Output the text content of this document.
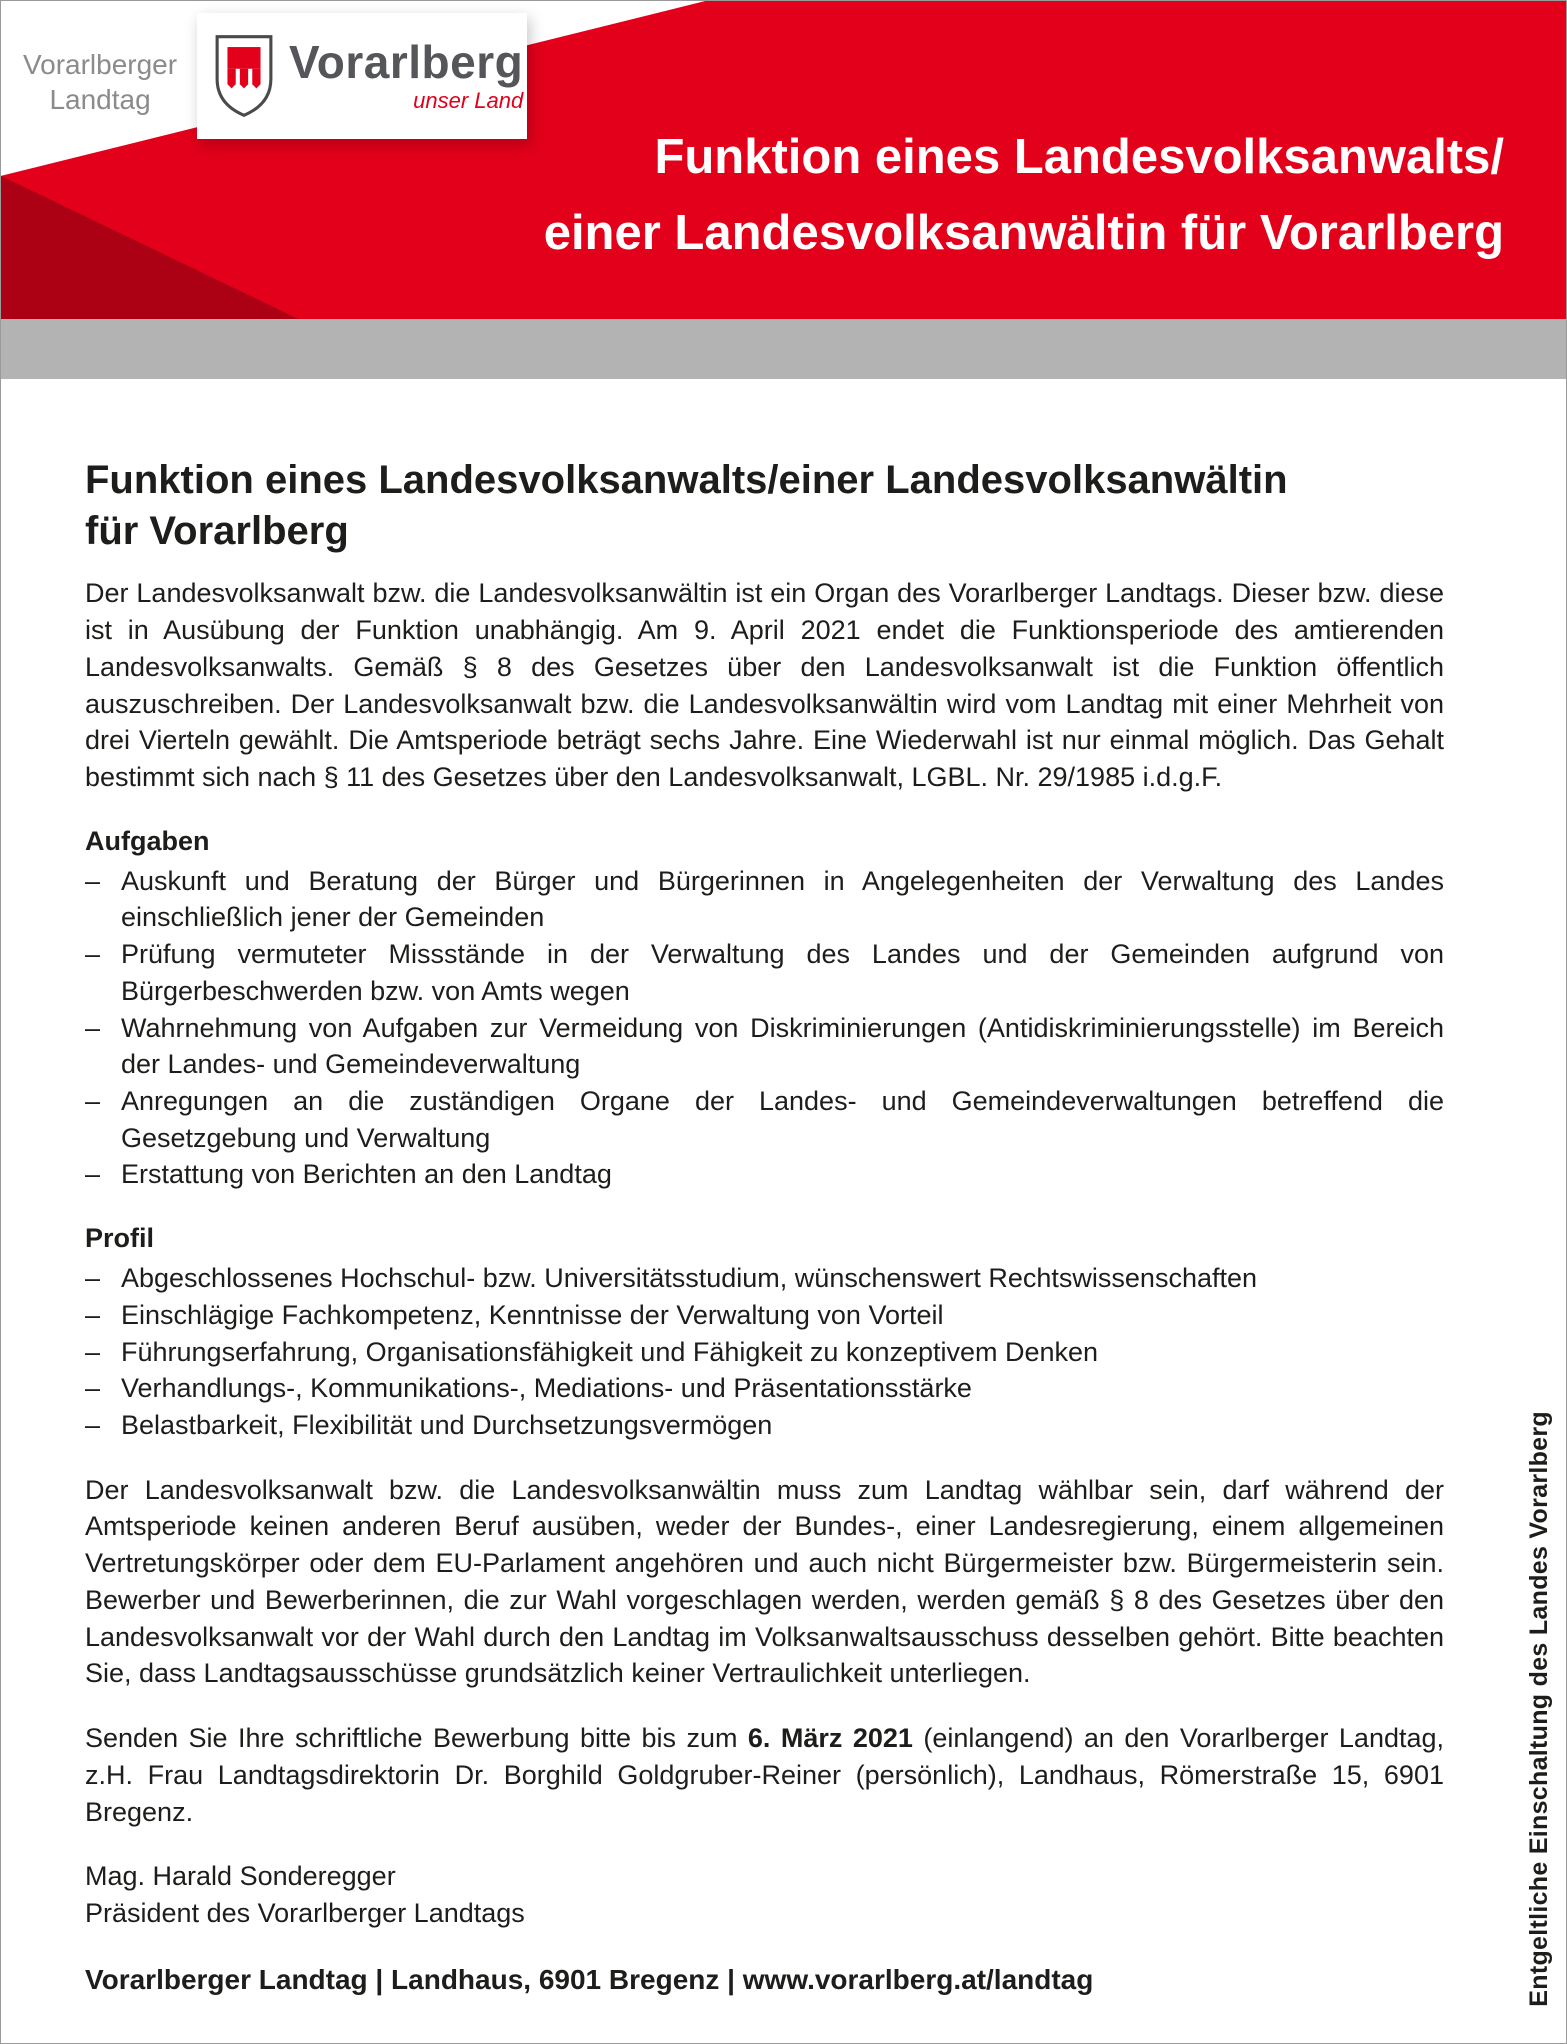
Vorarlberger
Landtag
Vorarlberg
unser Land
Funktion eines Landesvolksanwalts/
einer Landesvolksanwältin für Vorarlberg
Funktion eines Landesvolksanwalts/einer Landesvolksanwältin
für Vorarlberg

Der Landesvolksanwalt bzw. die Landesvolksanwältin ist ein Organ des Vorarlberger Landtags. Dieser bzw. diese ist in Ausübung der Funktion unabhängig. Am 9. April 2021 endet die Funktionsperiode des amtierenden Landesvolksanwalts. Gemäß § 8 des Gesetzes über den Landesvolksanwalt ist die Funktion öffentlich auszuschreiben. Der Landesvolksanwalt bzw. die Landesvolksanwältin wird vom Landtag mit einer Mehrheit von drei Vierteln gewählt. Die Amtsperiode beträgt sechs Jahre. Eine Wiederwahl ist nur einmal möglich. Das Gehalt bestimmt sich nach § 11 des Gesetzes über den Landesvolksanwalt, LGBL. Nr. 29/1985 i.d.g.F.

Aufgaben
– Auskunft und Beratung der Bürger und Bürgerinnen in Angelegenheiten der Verwaltung des Landes einschließlich jener der Gemeinden
– Prüfung vermuteter Missstände in der Verwaltung des Landes und der Gemeinden aufgrund von Bürgerbeschwerden bzw. von Amts wegen
– Wahrnehmung von Aufgaben zur Vermeidung von Diskriminierungen (Antidiskriminierungsstelle) im Bereich der Landes- und Gemeindeverwaltung
– Anregungen an die zuständigen Organe der Landes- und Gemeindeverwaltungen betreffend die Gesetzgebung und Verwaltung
– Erstattung von Berichten an den Landtag
Profil
– Abgeschlossenes Hochschul- bzw. Universitätsstudium, wünschenswert Rechtswissenschaften
– Einschlägige Fachkompetenz, Kenntnisse der Verwaltung von Vorteil
– Führungserfahrung, Organisationsfähigkeit und Fähigkeit zu konzeptivem Denken
– Verhandlungs-, Kommunikations-, Mediations- und Präsentationsstärke
– Belastbarkeit, Flexibilität und Durchsetzungsvermögen

Der Landesvolksanwalt bzw. die Landesvolksanwältin muss zum Landtag wählbar sein, darf während der Amtsperiode keinen anderen Beruf ausüben, weder der Bundes-, einer Landesregierung, einem allgemeinen Vertretungskörper oder dem EU-Parlament angehören und auch nicht Bürgermeister bzw. Bürgermeisterin sein. Bewerber und Bewerberinnen, die zur Wahl vorgeschlagen werden, werden gemäß § 8 des Gesetzes über den Landesvolksanwalt vor der Wahl durch den Landtag im Volksanwaltsausschuss desselben gehört. Bitte beachten Sie, dass Landtagsausschüsse grundsätzlich keiner Vertraulichkeit unterliegen.

Senden Sie Ihre schriftliche Bewerbung bitte bis zum 6. März 2021 (einlangend) an den Vorarlberger Landtag, z.H. Frau Landtagsdirektorin Dr. Borghild Goldgruber-Reiner (persönlich), Landhaus, Römerstraße 15, 6901 Bregenz.

Mag. Harald Sonderegger
Präsident des Vorarlberger Landtags

Vorarlberger Landtag | Landhaus, 6901 Bregenz | www.vorarlberg.at/landtag	Entgeltliche Einschaltung des Landes Vorarlberg
